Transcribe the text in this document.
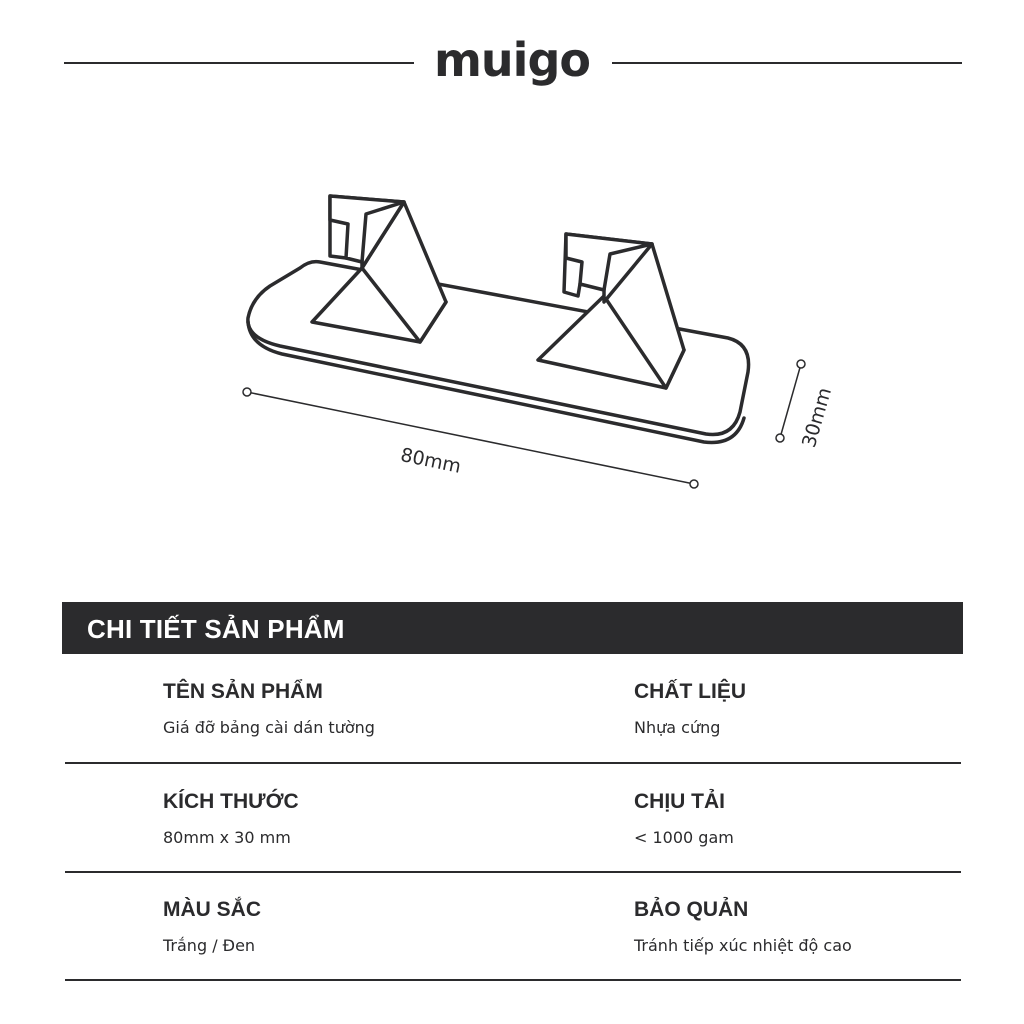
muigo
80mm
30mm
CHI TIẾT SẢN PHẨM
TÊN SẢN PHẨM
Giá đỡ bảng cài dán tường
CHẤT LIỆU
Nhựa cứng
KÍCH THƯỚC
80mm x 30 mm
CHỊU TẢI
< 1000 gam
MÀU SẮC
Trắng / Đen
BẢO QUẢN
Tránh tiếp xúc nhiệt độ cao
